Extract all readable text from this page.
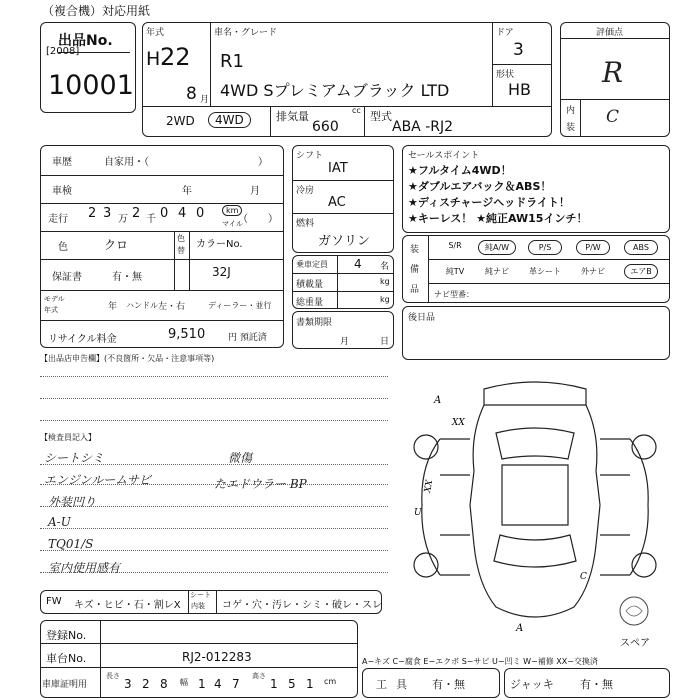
（複合機）対応用紙
出品No.
[2008]
10001
年式
H 22
8 月
車名・グレード
R1
4WD Sプレミアムブラック LTD
ドア
3
形状
HB
2WD	4WD	排気量	cc
660
型式
ABA -RJ2
評価点
R
内
装
C
車歴	自家用・（	）
車検	年	月
走行 2 3 万 2 千 0 4 0	km
マイル
（ ）
色	クロ	色
替
カラーNo.
32J
保証書	有・無
モデル
年式	年 ハンドル 左・右	ディーラー・並行
リサイクル料金	9,510	円 預託済
シフト
IAT
冷房
AC
燃料
ガソリン
乗車定員 4 名
積載量	kg
総重量	kg
書類期限
月	日
セールスポイント
★フルタイム4WD！
★ダブルエアバック＆ABS！
★ディスチャージヘッドライト！
★キーレス！ ★純正AW15インチ！
装
備
品
S/R	純A/W	P/S	P/W	ABS
純TV	純ナビ	革シート	外ナビ	エアB
ナビ型番：
後日品
【出品店申告欄】(不良箇所・欠品・注意事項等)
【検査員記入】
シートシミ
エンジンルームサビ
外装凹り
A-U
TQ01/S
室内使用感有
微傷
たエドウラー BP
FW キズ・ヒビ・石・割レX
シート
内装 コゲ・穴・汚レ・シミ・破レ・スレ
登録No.
車台No.	RJ2-012283
車庫証明用
長さ
3 2 8 幅 1 4 7
高さ
1 5 1 cm
A
XX
XX
U
A
C
スペア
A−キズ C−腐食 E−エクボ S−サビ U−凹ミ W−補修 XX−交換済
工 具 有・無	ジャッキ 有・無
